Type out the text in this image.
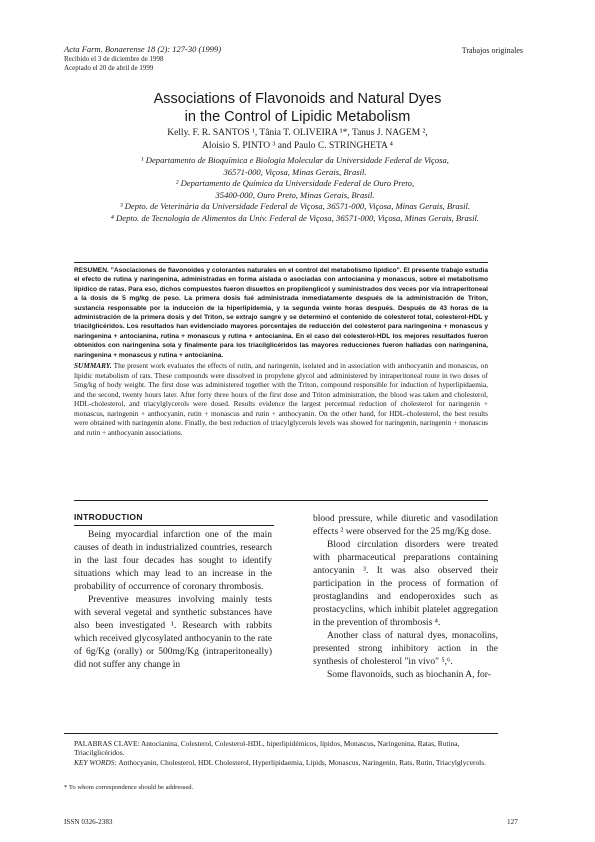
Acta Farm. Bonaerense 18 (2): 127-30 (1999)
Recibido el 3 de diciembre de 1998
Aceptado el 20 de abril de 1999
Trabajos originales
Associations of Flavonoids and Natural Dyes
in the Control of Lipidic Metabolism
Kelly. F. R. SANTOS ¹, Tânia T. OLIVEIRA ¹*, Tanus J. NAGEM ²,
Aloisio S. PINTO ³ and Paulo C. STRINGHETA ⁴
¹ Departamento de Bioquímica e Biologia Molecular da Universidade Federal de Viçosa,
36571-000, Viçosa, Minas Gerais, Brasil.
² Departamento de Química da Universidade Federal de Ouro Preto,
35400-000, Ouro Preto, Minas Gerais, Brasil.
³ Depto. de Veterinária da Universidade Federal de Viçosa, 36571-000, Viçosa, Minas Gerais, Brasil.
⁴ Depto. de Tecnologia de Alimentos da Univ. Federal de Viçosa, 36571-000, Viçosa, Minas Gerais, Brasil.
RESUMEN. "Asociaciones de flavonoides y colorantes naturales en el control del metabolismo lipídico". El presente trabajo estudia el efecto de rutina y naringenina, administradas en forma aislada o asociadas con antocianina y monascus, sobre el metabolismo lipídico de ratas. Para eso, dichos compuestos fueron disueltos en propilenglicol y suministrados dos veces por vía intraperitoneal a la dosis de 5 mg/kg de peso. La primera dosis fué administrada inmediatamente después de la administración de Triton, sustancia responsable por la inducción de la hiperlipidemia, y la segunda veinte horas después. Después de 43 horas de la administración de la primera dosis y del Triton, se extrajo sangre y se determinó el contenido de colesterol total, colesterol-HDL y triacilglicéridos. Los resultados han evidenciado mayores porcentajes de reducción del colesterol para naringenina + monascus y naringenina + antocianina, rutina + monascus y rutina + antocianina. En el caso del colesterol-HDL los mejores resultados fueron obtenidos con naringenina sola y finalmente para los triacilglicéridos las mayores reducciones fueron halladas con naringenina, naringenina + monascus y rutina + antocianina.
SUMMARY. The present work evaluates the effects of rutin, and naringenin, isolated and in association with anthocyanin and monascus, on lipidic metabolism of rats. These compounds were dissolved in propylene glycol and administered by intraperitoneal route in two doses of 5mg/kg of body weight. The first dose was administered together with the Triton, compound responsible for induction of hyperlipidaemia, and the second, twenty hours later. After forty three hours of the first dose and Triton administration, the blood was taken and cholesterol, HDL-cholesterol, and triacylglycerols were dosed. Results evidence the largest percentual reduction of cholesterol for naringenin + monascus, naringenin + anthocyanin, rutin + monascus and rutin + anthocyanin. On the other hand, for HDL-cholesterol, the best results were obtained with naringenin alone. Finally, the best reduction of triacylglycerols levels was showed for naringenin, naringenin + monascus and rutin + anthocyanin associations.
INTRODUCTION

Being myocardial infarction one of the main causes of death in industrialized countries, research in the last four decades has sought to identify situations which may lead to an increase in the probability of occurrence of coronary thrombosis.

Preventive measures involving mainly tests with several vegetal and synthetic substances have also been investigated ¹. Research with rabbits which received glycosylated anthocyanin to the rate of 6g/Kg (orally) or 500mg/Kg (intraperitoneally) did not suffer any change in

blood pressure, while diuretic and vasodilation effects ² were observed for the 25 mg/Kg dose.

Blood circulation disorders were treated with pharmaceutical preparations containing antocyanin ³. It was also observed their participation in the process of formation of prostaglandins and endoperoxides such as prostacyclins, which inhibit platelet aggregation in the prevention of thrombosis ⁴.

Another class of natural dyes, monacolins, presented strong inhibitory action in the synthesis of cholesterol "in vivo" ⁵,⁶.

Some flavonoids, such as biochanin A, for-

PALABRAS CLAVE: Antocianina, Colesterol, Colesterol-HDL, hiperlipidémicos, lípidos, Monascus, Naringenina, Ratas, Rutina, Triacilglicéridos.

KEY WORDS: Anthocyanin, Cholesterol, HDL Cholesterol, Hyperlipidaemia, Lipids, Monascus, Naringenin, Rats, Rutin, Triacylglycerols.

* To whom correspondence should be addressed.
ISSN 0326-2383	127
